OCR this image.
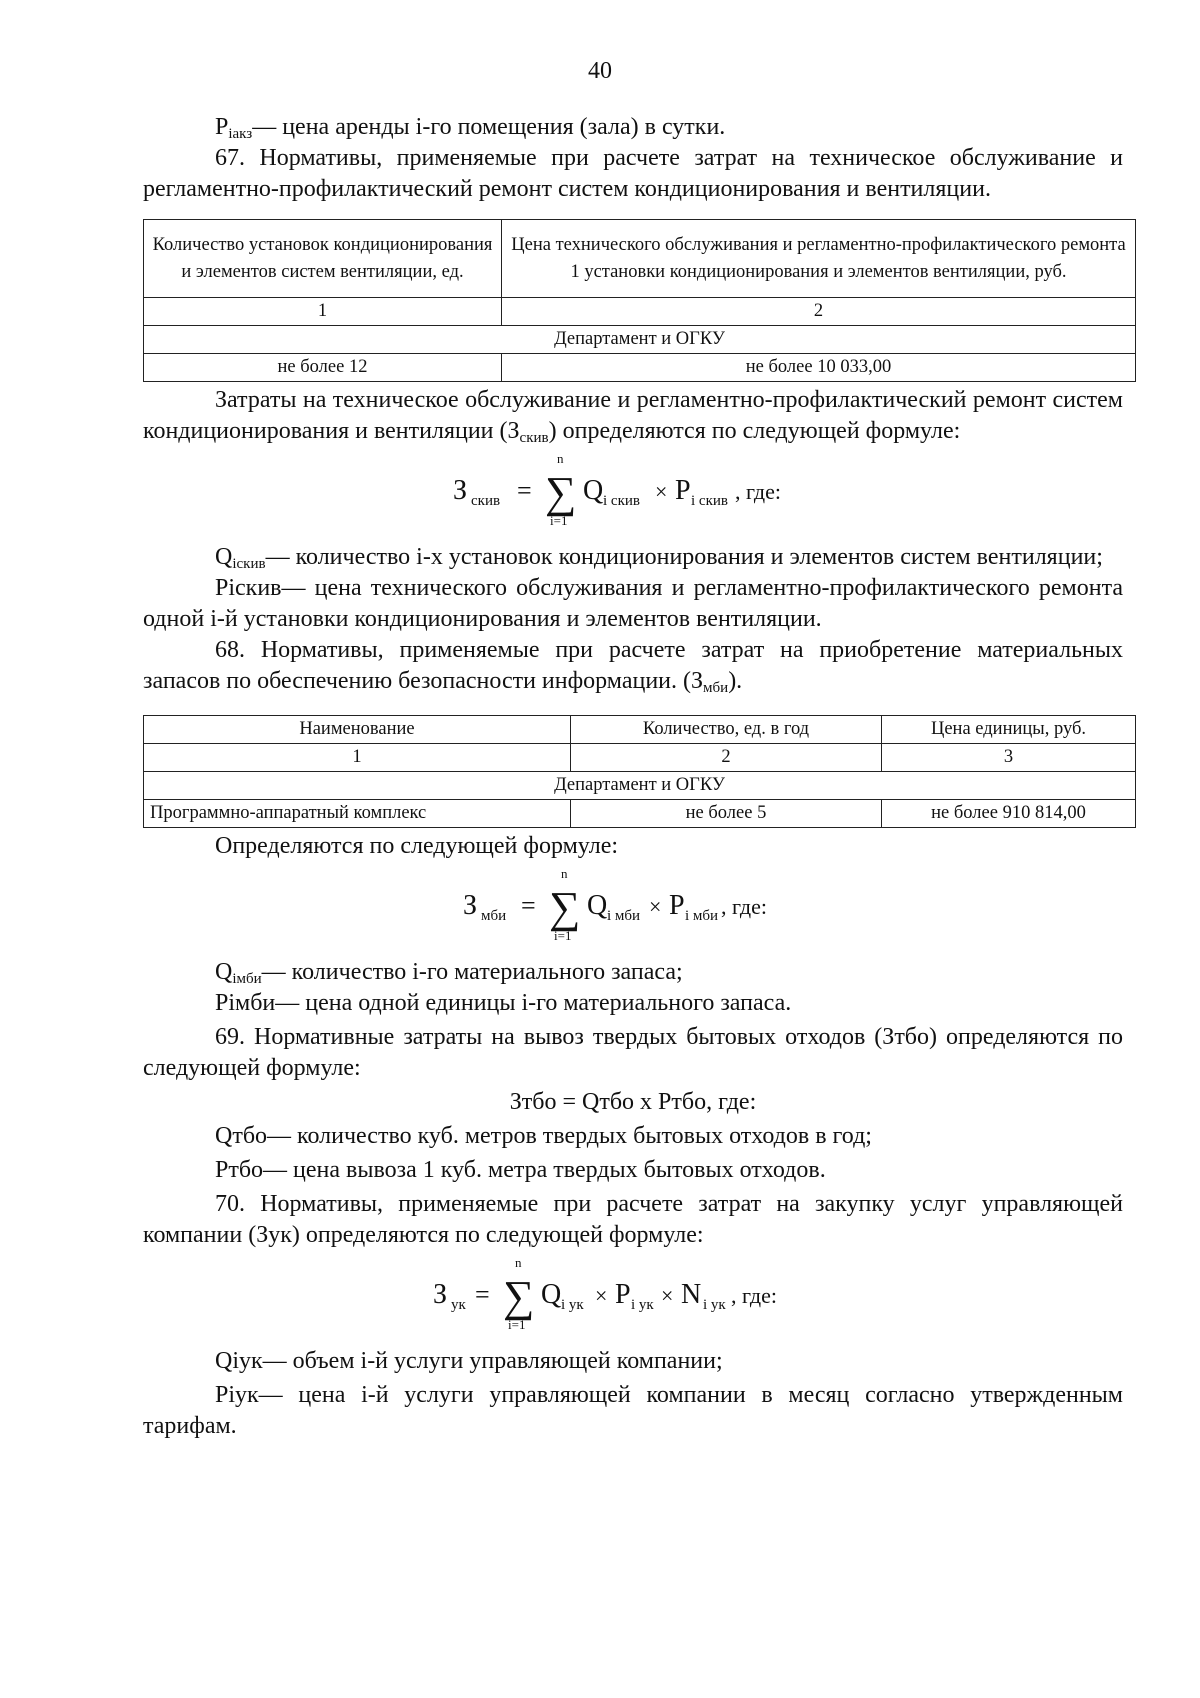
40

$P_{іакз}—$ цена аренды і-го помещения (зала) в сутки.

67. Нормативы, применяемые при расчете затрат на техническое обслуживание и регламентно-профилактический ремонт систем кондиционирования и вентиляции.

Количество установок кондиционирования и элементов систем вентиляции, ед.	Цена технического обслуживания и регламентно-профилактического ремонта 1 установки кондиционирования и элементов вентиляции, руб.
1	2
Департамент и ОГКУ	
не более 12	не более 10 033,00

Затраты на техническое обслуживание и регламентно-профилактический ремонт систем кондиционирования и вентиляции $(З_{скив})$ определяются по следующей формуле:

З скив = ∑
n
i=1
Q i скив × P i скив , где:

$Q_{іскив}—$ количество і-х установок кондиционирования и элементов систем вентиляции;

Ріскив— цена технического обслуживания и регламентно-профилактического ремонта одной і-й установки кондиционирования и элементов вентиляции.

68. Нормативы, применяемые при расчете затрат на приобретение материальных запасов по обеспечению безопасности информации. $(З_{мби})$.

Наименование	Количество, ед. в год	Цена единицы, руб.
1	2	3
Департамент и ОГКУ		
Программно-аппаратный комплекс	не более 5	не более 910 814,00

Определяются по следующей формуле:

З мби = ∑
n
i=1
Q i мби × P i мби , где:

$Q_{імби}—$ количество і-го материального запаса;

Рімби— цена одной единицы і-го материального запаса.

69. Нормативные затраты на вывоз твердых бытовых отходов (Зтбо) определяются по следующей формуле:

Зтбо = Qтбо х Ртбо, где:

Qтбо— количество куб. метров твердых бытовых отходов в год;

Ртбо— цена вывоза 1 куб. метра твердых бытовых отходов.

70. Нормативы, применяемые при расчете затрат на закупку услуг управляющей компании (Зук) определяются по следующей формуле:

З ук = ∑
n
i=1
Q i ук × P i ук × N i ук , где:

Qіук— объем і-й услуги управляющей компании;

Ріук— цена і-й услуги управляющей компании в месяц согласно утвержденным тарифам.
